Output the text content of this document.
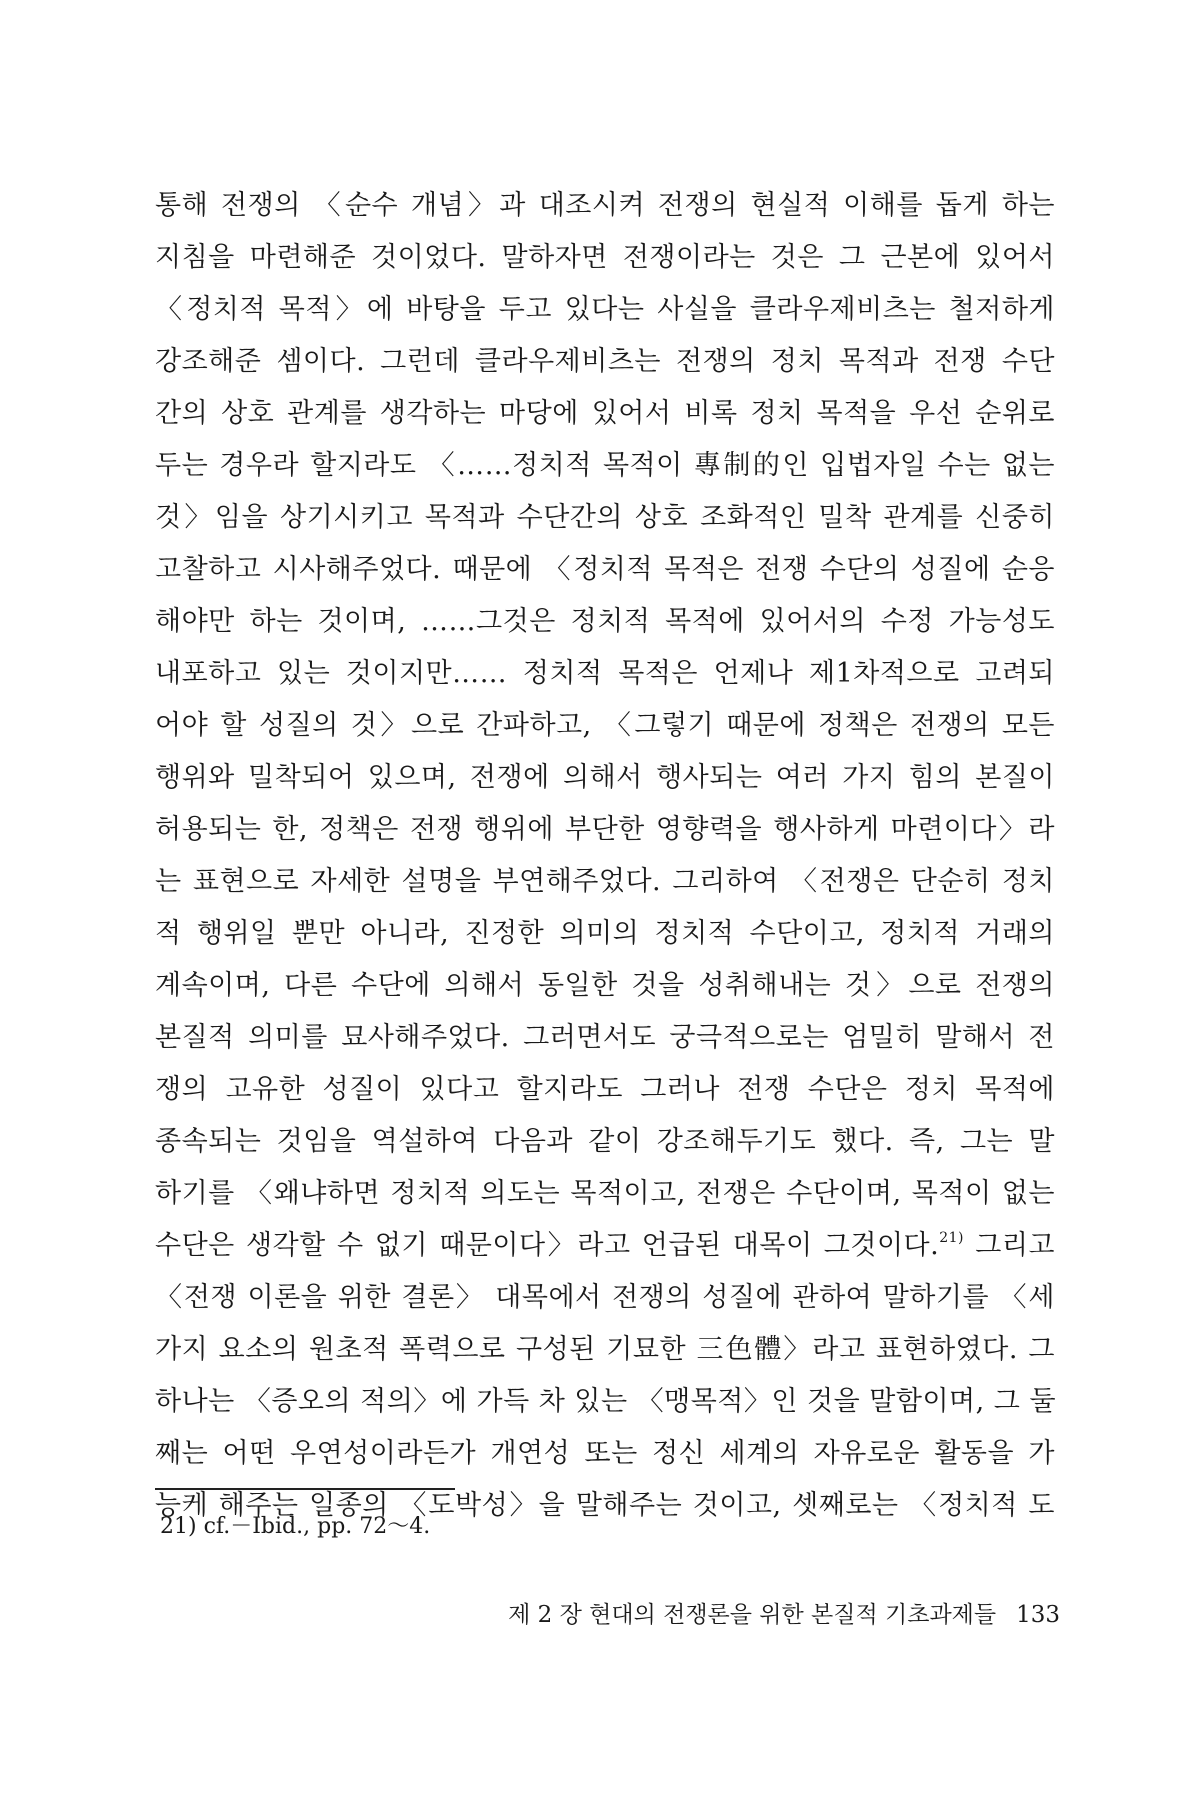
통해 전쟁의 〈순수 개념〉과 대조시켜 전쟁의 현실적 이해를 돕게 하는
지침을 마련해준 것이었다. 말하자면 전쟁이라는 것은 그 근본에 있어서
〈정치적 목적〉에 바탕을 두고 있다는 사실을 클라우제비츠는 철저하게
강조해준 셈이다. 그런데 클라우제비츠는 전쟁의 정치 목적과 전쟁 수단
간의 상호 관계를 생각하는 마당에 있어서 비록 정치 목적을 우선 순위로
두는 경우라 할지라도 〈……정치적 목적이 專制的인 입법자일 수는 없는
것〉임을 상기시키고 목적과 수단간의 상호 조화적인 밀착 관계를 신중히
고찰하고 시사해주었다. 때문에 〈정치적 목적은 전쟁 수단의 성질에 순응
해야만 하는 것이며, ……그것은 정치적 목적에 있어서의 수정 가능성도
내포하고 있는 것이지만…… 정치적 목적은 언제나 제1차적으로 고려되
어야 할 성질의 것〉으로 간파하고, 〈그렇기 때문에 정책은 전쟁의 모든
행위와 밀착되어 있으며, 전쟁에 의해서 행사되는 여러 가지 힘의 본질이
허용되는 한, 정책은 전쟁 행위에 부단한 영향력을 행사하게 마련이다〉라
는 표현으로 자세한 설명을 부연해주었다. 그리하여 〈전쟁은 단순히 정치
적 행위일 뿐만 아니라, 진정한 의미의 정치적 수단이고, 정치적 거래의
계속이며, 다른 수단에 의해서 동일한 것을 성취해내는 것〉으로 전쟁의
본질적 의미를 묘사해주었다. 그러면서도 궁극적으로는 엄밀히 말해서 전
쟁의 고유한 성질이 있다고 할지라도 그러나 전쟁 수단은 정치 목적에
종속되는 것임을 역설하여 다음과 같이 강조해두기도 했다. 즉, 그는 말
하기를 〈왜냐하면 정치적 의도는 목적이고, 전쟁은 수단이며, 목적이 없는
수단은 생각할 수 없기 때문이다〉라고 언급된 대목이 그것이다.$^{21)}$ 그리고
〈전쟁 이론을 위한 결론〉 대목에서 전쟁의 성질에 관하여 말하기를 〈세
가지 요소의 원초적 폭력으로 구성된 기묘한 三色體〉라고 표현하였다. 그
하나는 〈증오의 적의〉에 가득 차 있는 〈맹목적〉인 것을 말함이며, 그 둘
째는 어떤 우연성이라든가 개연성 또는 정신 세계의 자유로운 활동을 가
능케 해주는 일종의 〈도박성〉을 말해주는 것이고, 셋째로는 〈정치적 도
21) cf.－Ibid., pp. 72～4.
제 2 장 현대의 전쟁론을 위한 본질적 기초과제들 133
